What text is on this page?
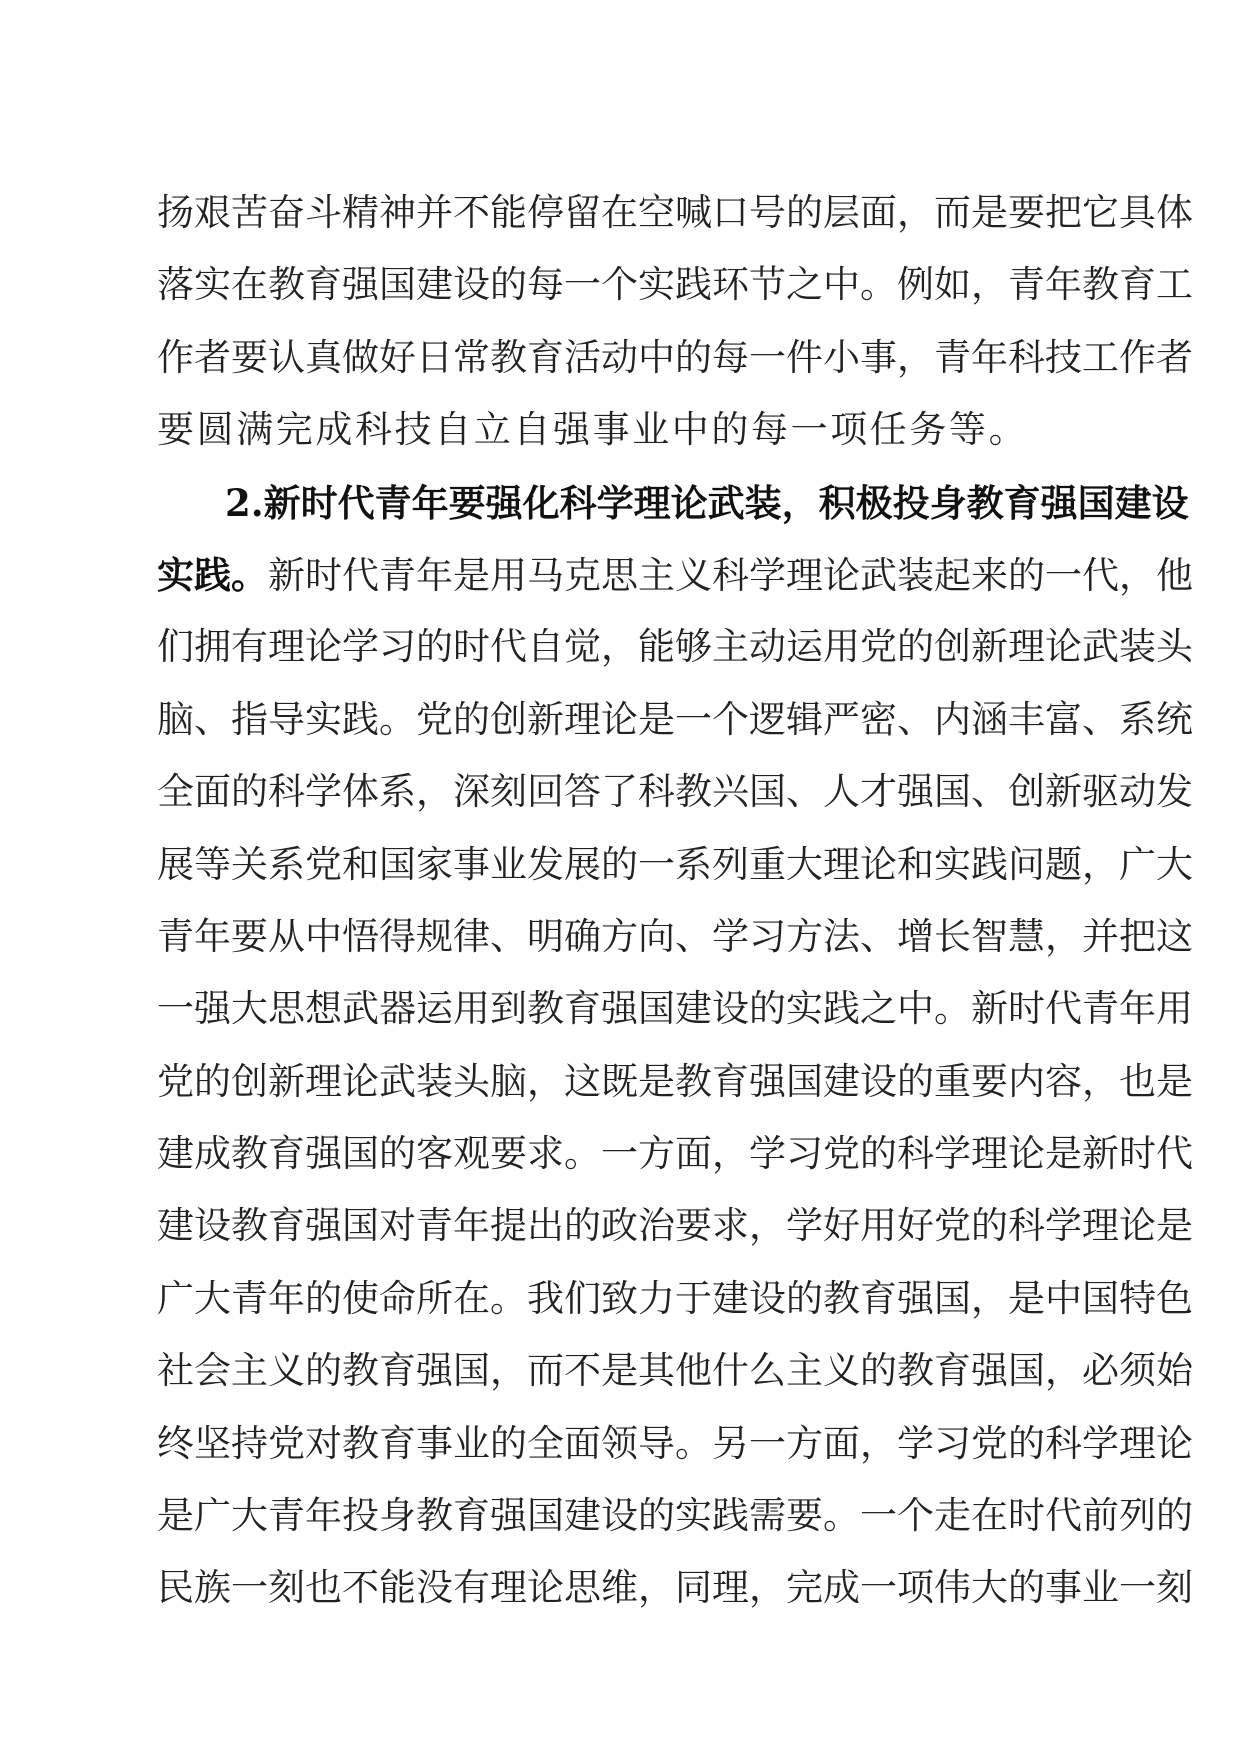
扬艰苦奋斗精神并不能停留在空喊口号的层面，而是要把它具体
落实在教育强国建设的每一个实践环节之中。例如，青年教育工
作者要认真做好日常教育活动中的每一件小事，青年科技工作者
要圆满完成科技自立自强事业中的每一项任务等。
2.新时代青年要强化科学理论武装，积极投身教育强国建设
实践。新时代青年是用马克思主义科学理论武装起来的一代，他
们拥有理论学习的时代自觉，能够主动运用党的创新理论武装头
脑、指导实践。党的创新理论是一个逻辑严密、内涵丰富、系统
全面的科学体系，深刻回答了科教兴国、人才强国、创新驱动发
展等关系党和国家事业发展的一系列重大理论和实践问题，广大
青年要从中悟得规律、明确方向、学习方法、增长智慧，并把这
一强大思想武器运用到教育强国建设的实践之中。新时代青年用
党的创新理论武装头脑，这既是教育强国建设的重要内容，也是
建成教育强国的客观要求。一方面，学习党的科学理论是新时代
建设教育强国对青年提出的政治要求，学好用好党的科学理论是
广大青年的使命所在。我们致力于建设的教育强国，是中国特色
社会主义的教育强国，而不是其他什么主义的教育强国，必须始
终坚持党对教育事业的全面领导。另一方面，学习党的科学理论
是广大青年投身教育强国建设的实践需要。一个走在时代前列的
民族一刻也不能没有理论思维，同理，完成一项伟大的事业一刻
